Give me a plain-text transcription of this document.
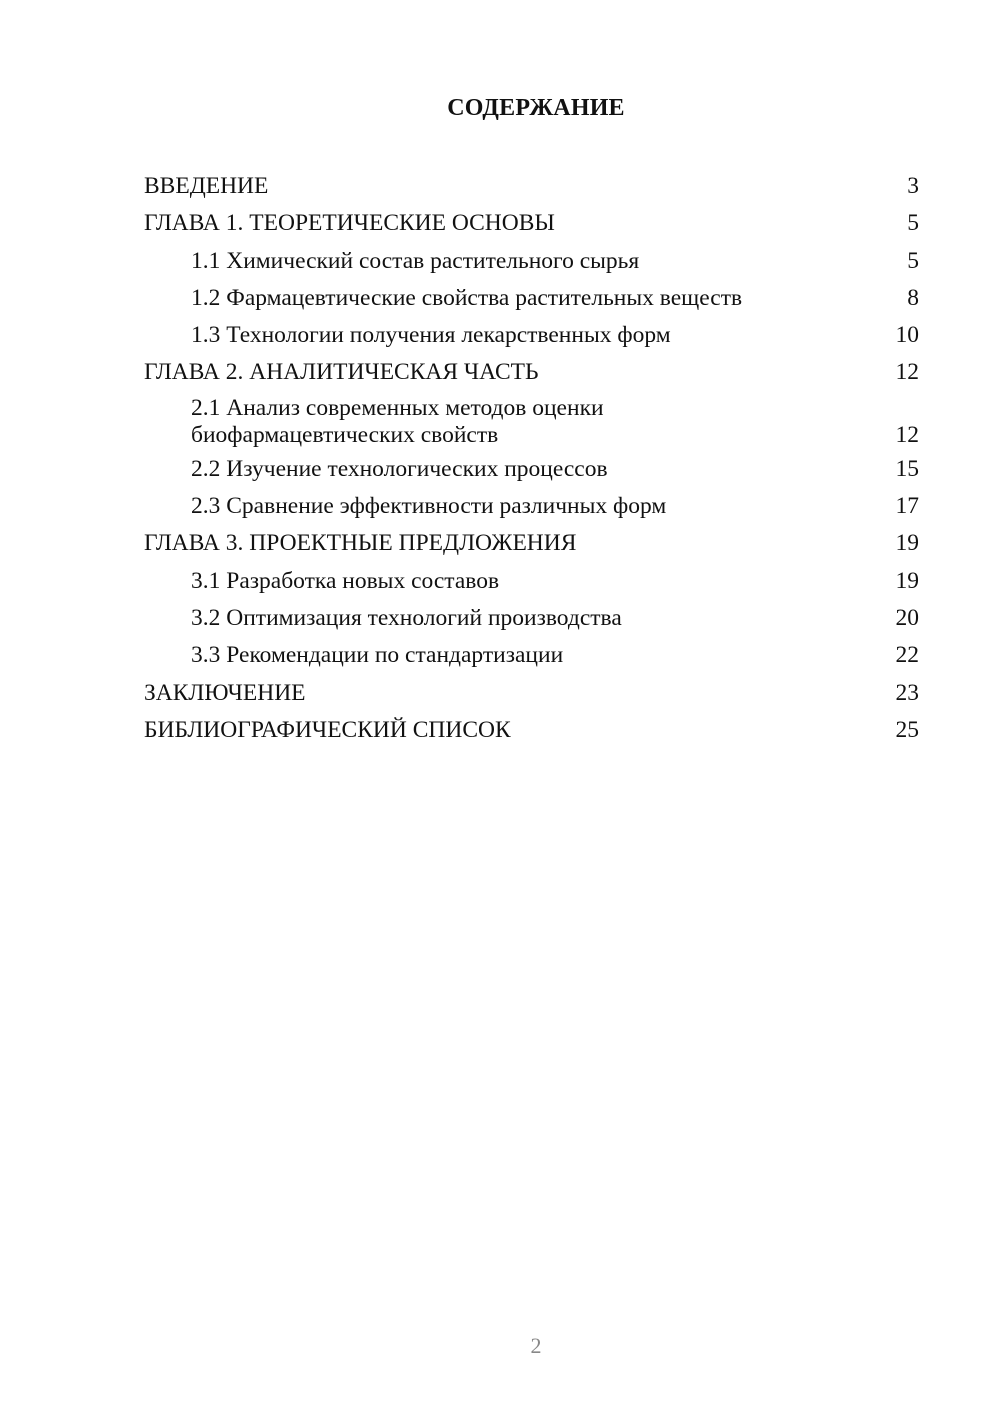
СОДЕРЖАНИЕ
ВВЕДЕНИЕ	3
ГЛАВА 1. ТЕОРЕТИЧЕСКИЕ ОСНОВЫ	5
1.1 Химический состав растительного сырья	5
1.2 Фармацевтические свойства растительных веществ	8
1.3 Технологии получения лекарственных форм	10
ГЛАВА 2. АНАЛИТИЧЕСКАЯ ЧАСТЬ	12
2.1 Анализ современных методов оценки
биофармацевтических свойств	12
2.2 Изучение технологических процессов	15
2.3 Сравнение эффективности различных форм	17
ГЛАВА 3. ПРОЕКТНЫЕ ПРЕДЛОЖЕНИЯ	19
3.1 Разработка новых составов	19
3.2 Оптимизация технологий производства	20
3.3 Рекомендации по стандартизации	22
ЗАКЛЮЧЕНИЕ	23
БИБЛИОГРАФИЧЕСКИЙ СПИСОК	25
2
